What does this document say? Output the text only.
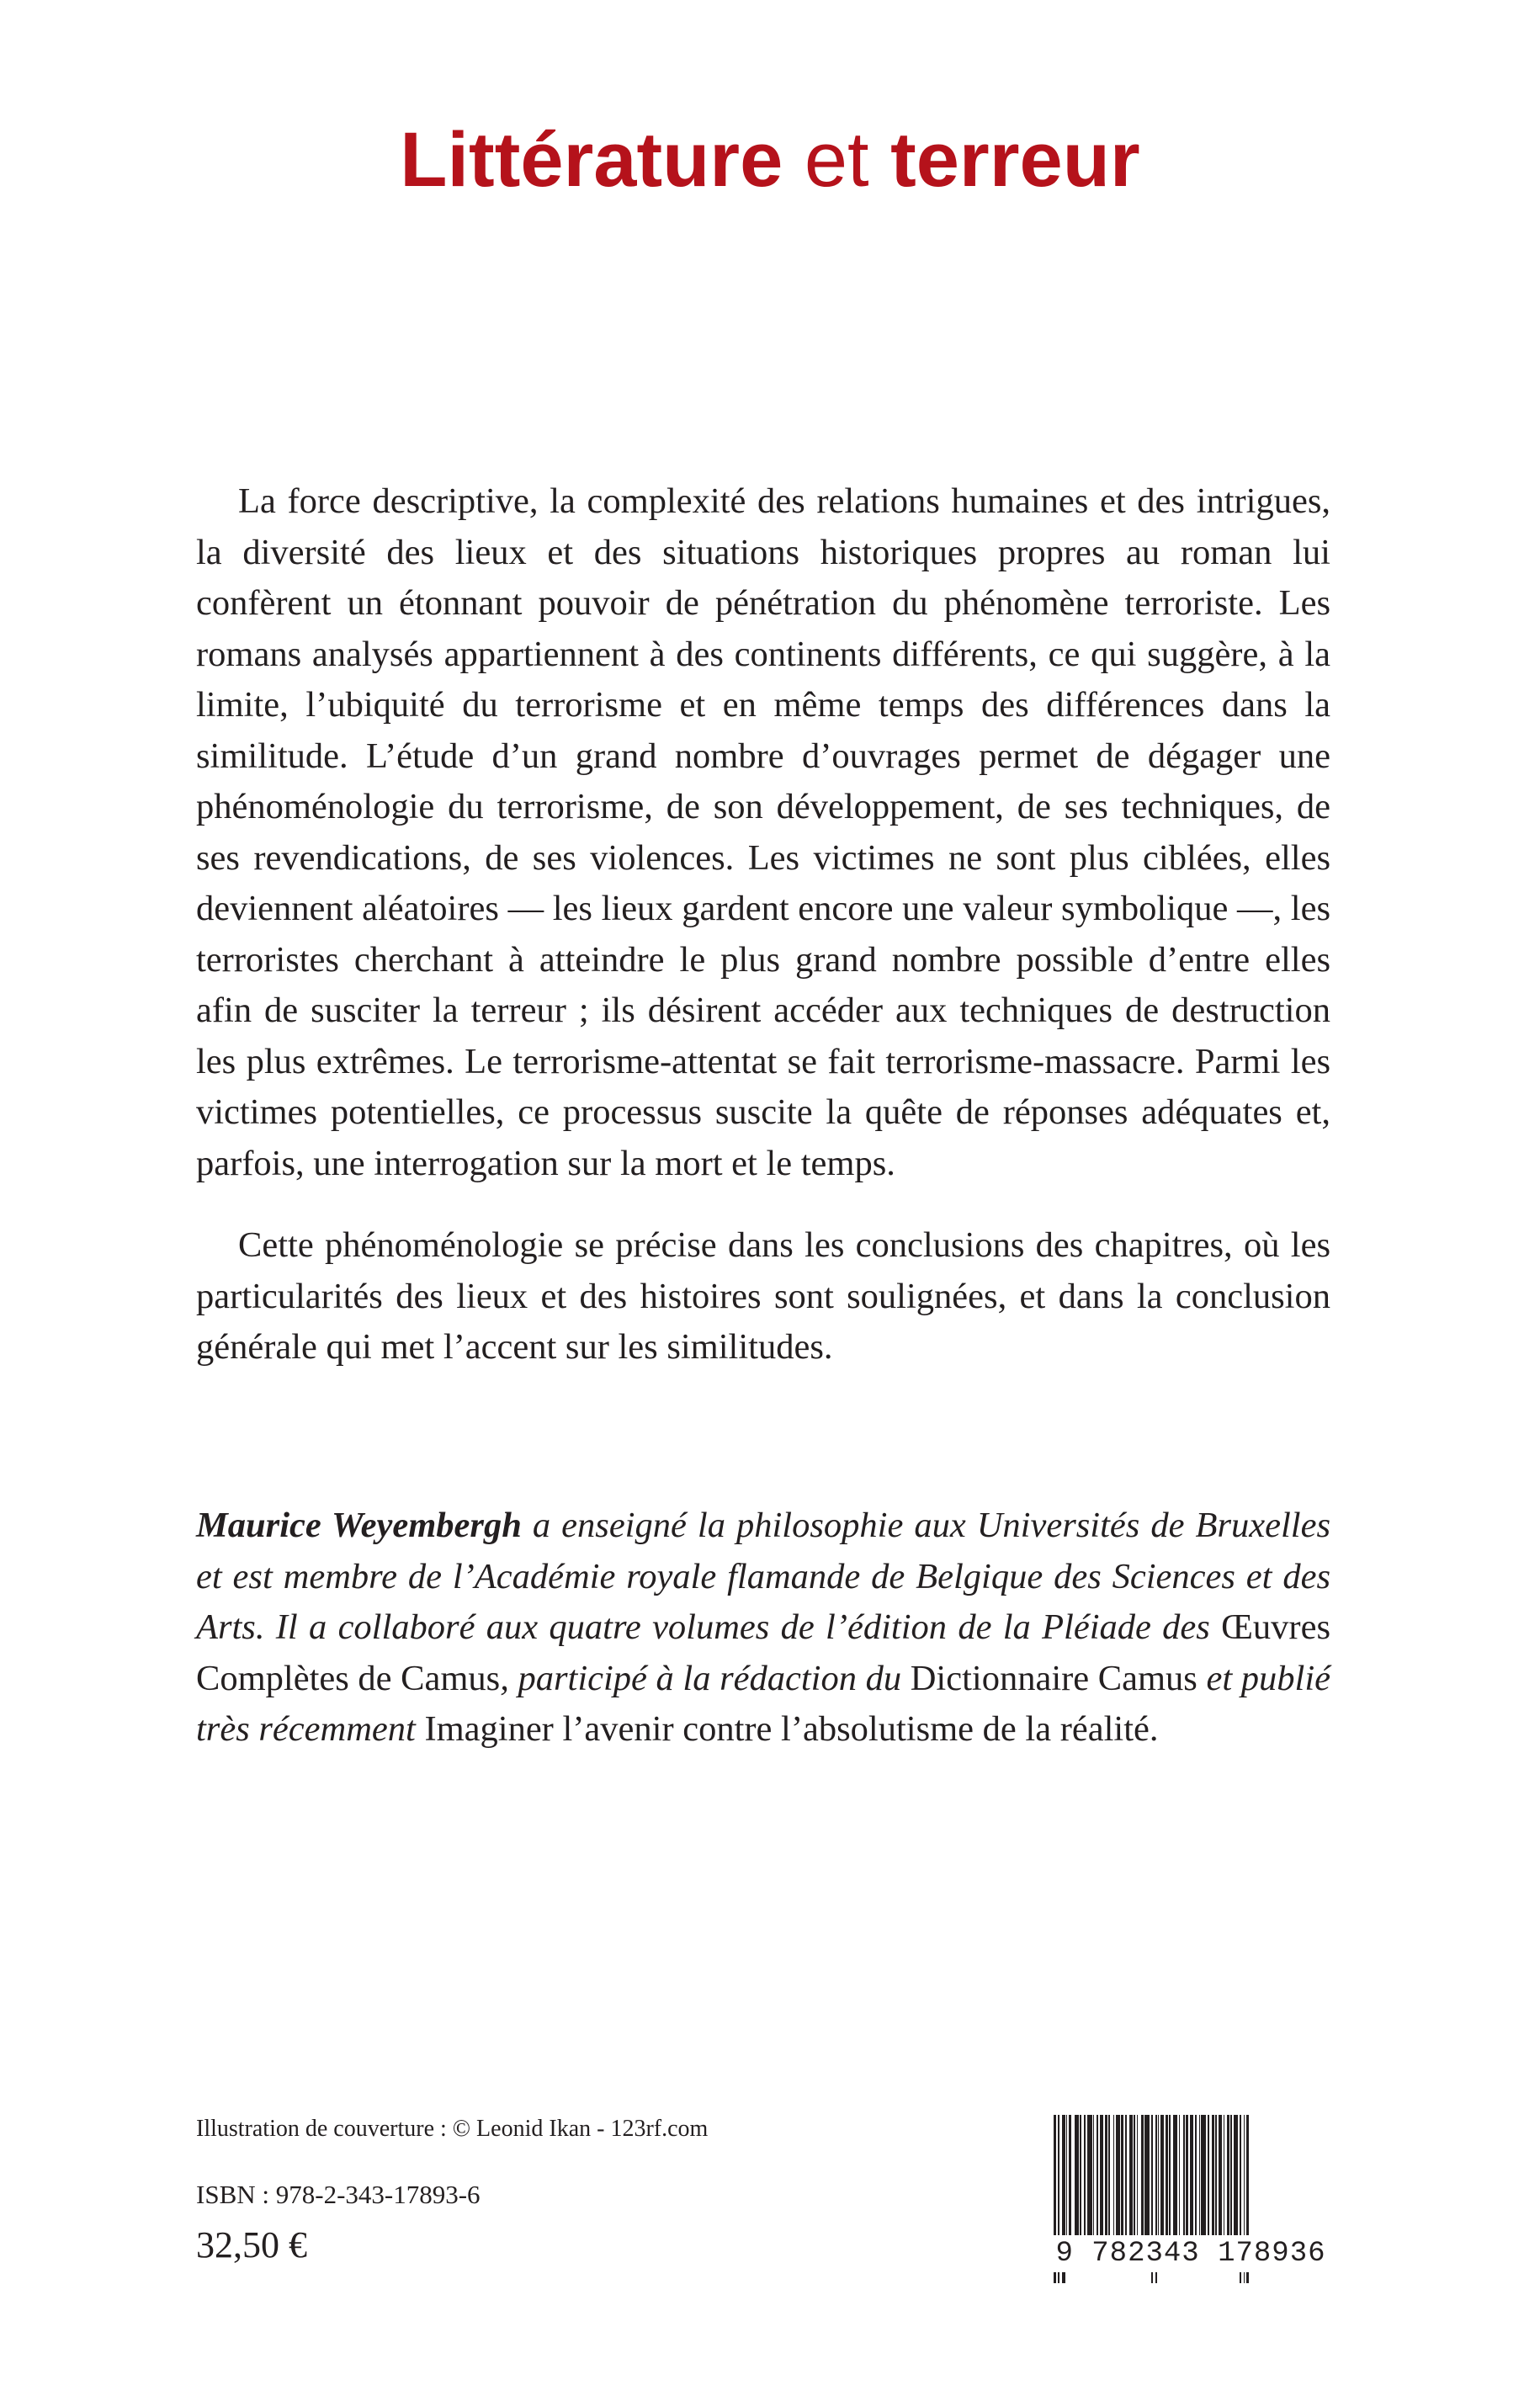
Littérature et terreur

La force descriptive, la complexité des relations humaines et des intrigues, la diversité des lieux et des situations historiques propres au roman lui confèrent un étonnant pouvoir de pénétration du phénomène terroriste. Les romans analysés appartiennent à des continents différents, ce qui suggère, à la limite, l’ubiquité du terrorisme et en même temps des différences dans la similitude. L’étude d’un grand nombre d’ouvrages permet de dégager une phénoménologie du terrorisme, de son développement, de ses techniques, de ses revendications, de ses violences. Les victimes ne sont plus ciblées, elles deviennent aléatoires — les lieux gardent encore une valeur symbolique —, les terroristes cherchant à atteindre le plus grand nombre possible d’entre elles afin de susciter la terreur ; ils désirent accéder aux techniques de destruction les plus extrêmes. Le terrorisme-attentat se fait terrorisme-massacre. Parmi les victimes potentielles, ce processus suscite la quête de réponses adéquates et, parfois, une interrogation sur la mort et le temps.

Cette phénoménologie se précise dans les conclusions des chapitres, où les particularités des lieux et des histoires sont soulignées, et dans la conclusion générale qui met l’accent sur les similitudes.

Maurice Weyembergh a enseigné la philosophie aux Universités de Bruxelles et est membre de l’Académie royale flamande de Belgique des Sciences et des Arts. Il a collaboré aux quatre volumes de l’édition de la Pléiade des Œuvres Complètes de Camus, participé à la rédaction du Dictionnaire Camus et publié très récemment Imaginer l’avenir contre l’absolutisme de la réalité.

Illustration de couverture : © Leonid Ikan - 123rf.com
ISBN : 978-2-343-17893-6
32,50 €	9 782343 178936
